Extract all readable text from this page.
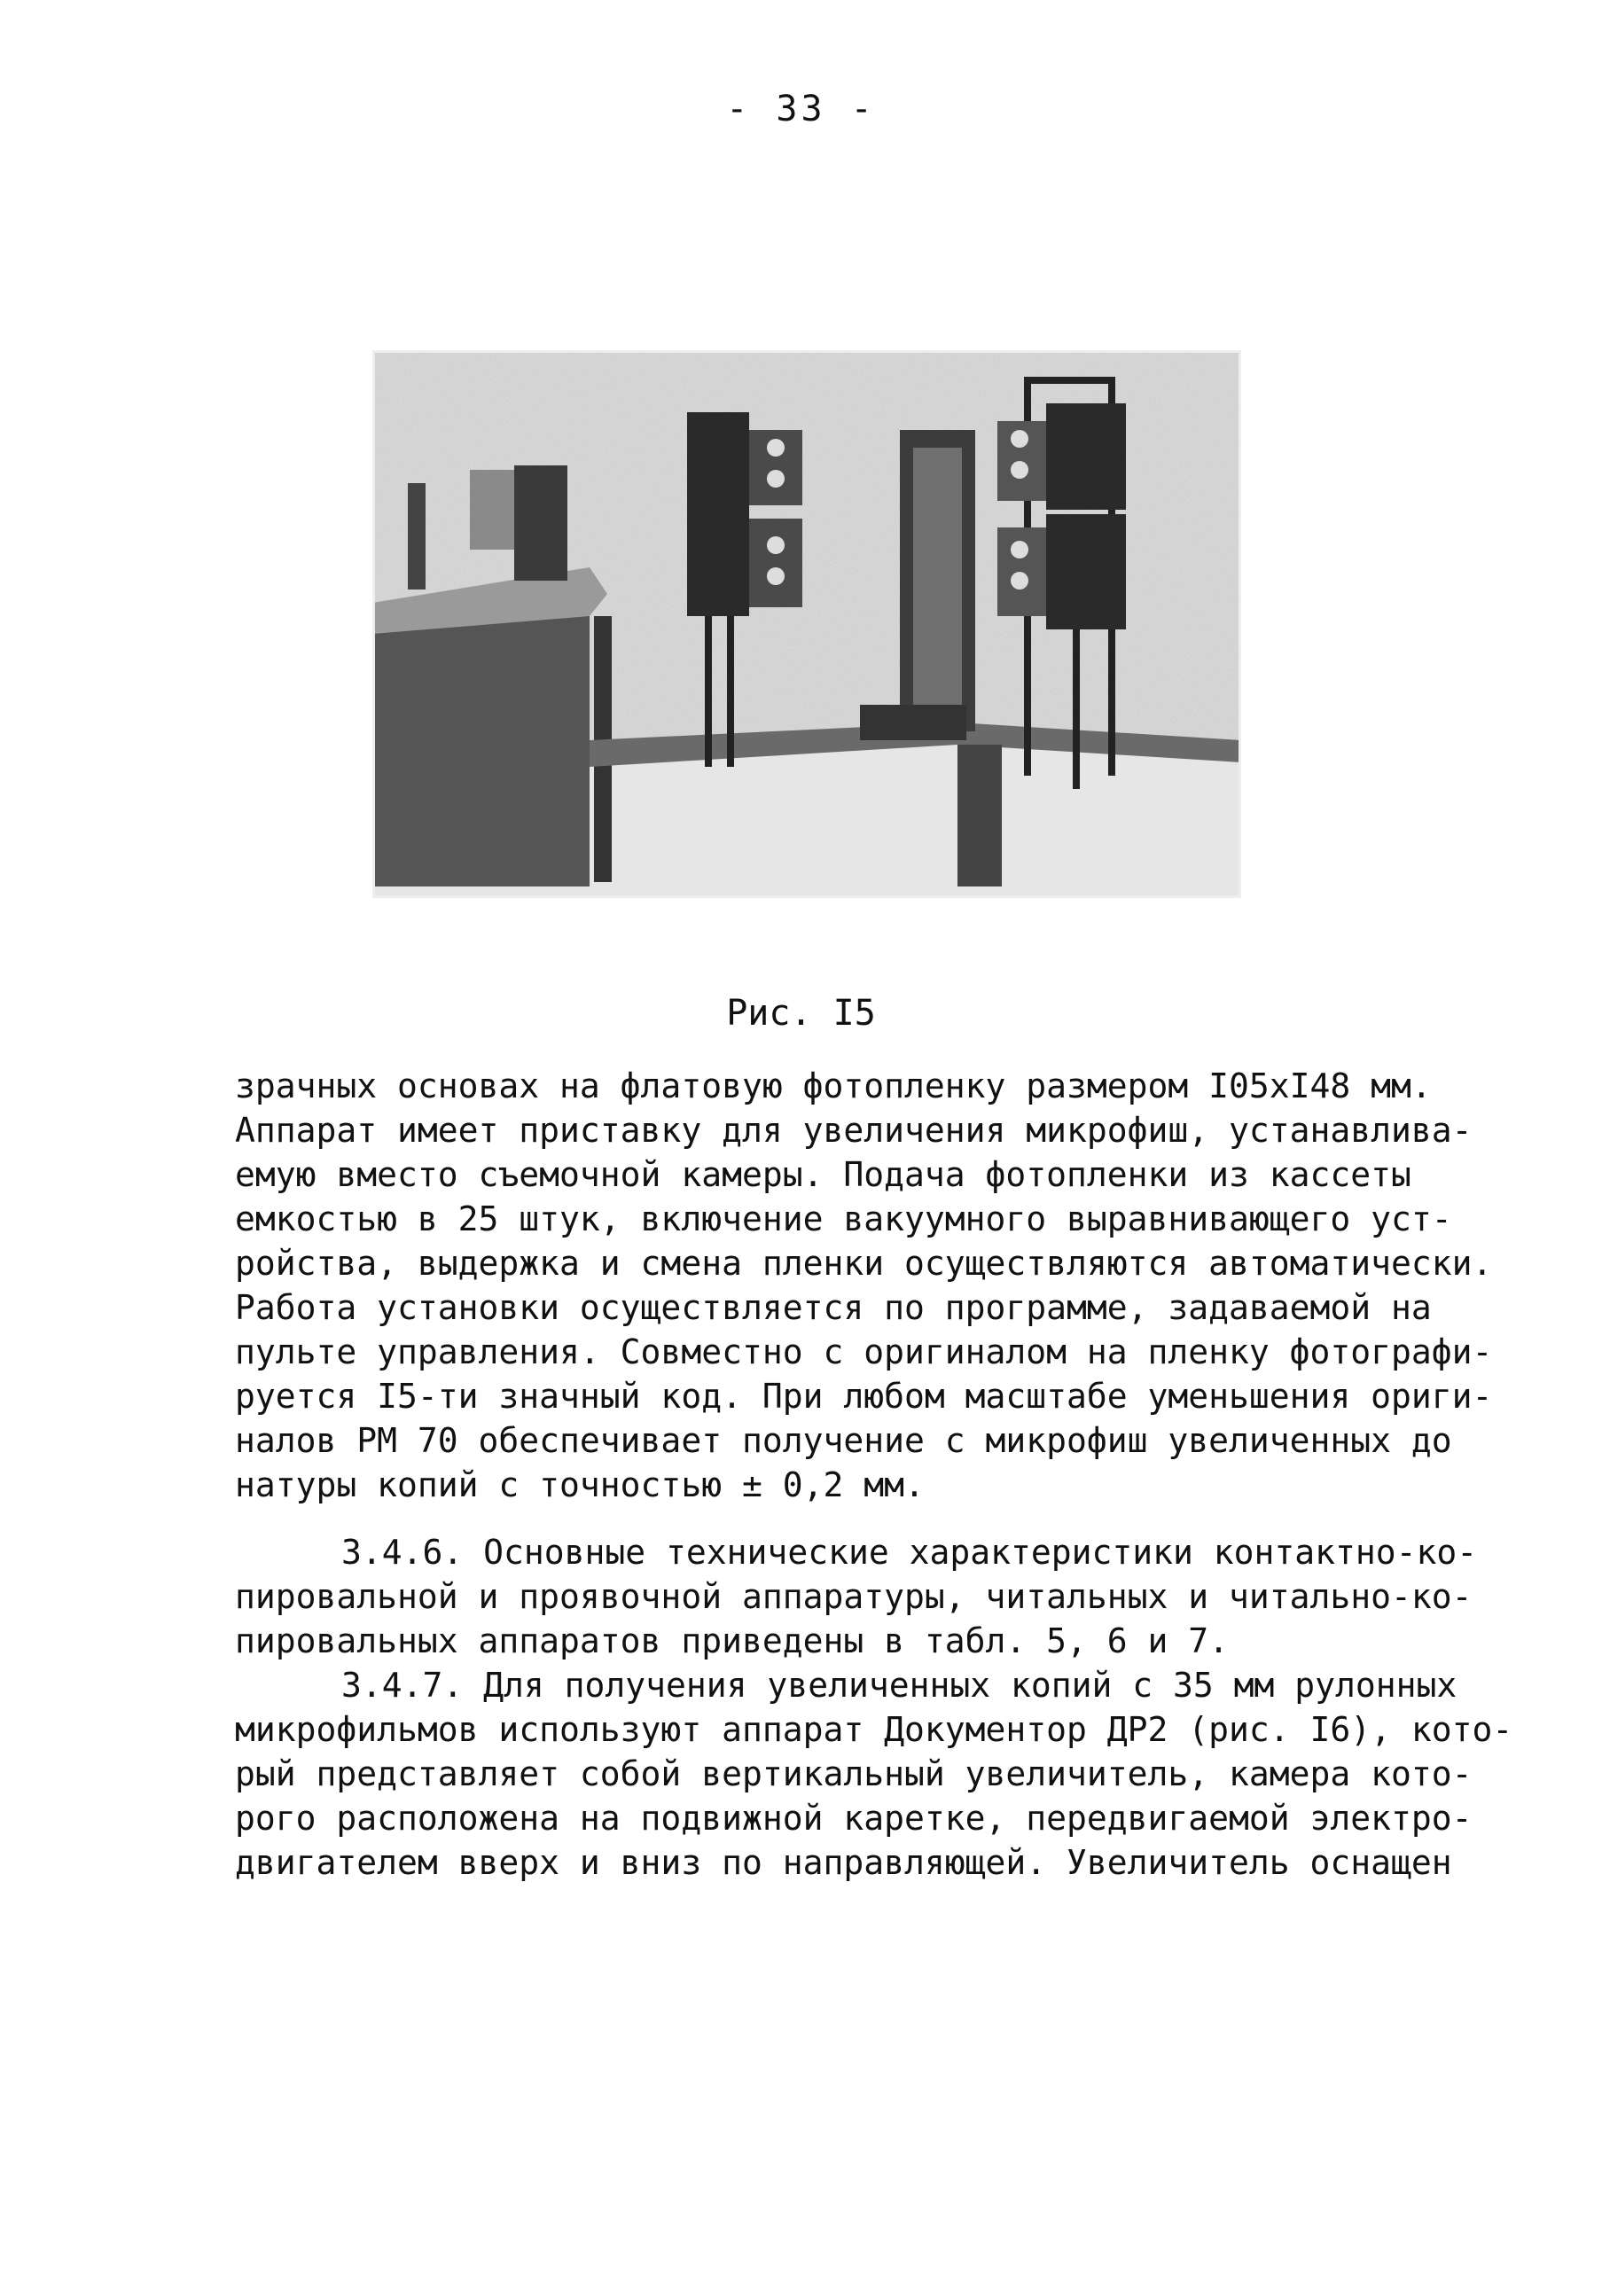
- 33 -
Рис. I5
зрачных основах на флатовую фотопленку размером I05xI48 мм.
Аппарат имеет приставку для увеличения микрофиш, устанавлива-
емую вместо съемочной камеры. Подача фотопленки из кассеты
емкостью в 25 штук, включение вакуумного выравнивающего уст-
ройства, выдержка и смена пленки осуществляются автоматически.
Работа установки осуществляется по программе, задаваемой на
пульте управления. Совместно с оригиналом на пленку фотографи-
руется I5-ти значный код. При любом масштабе уменьшения ориги-
налов РМ 70 обеспечивает получение с микрофиш увеличенных до
натуры копий с точностью ± 0,2 мм.
3.4.6. Основные технические характеристики контактно-ко-
пировальной и проявочной аппаратуры, читальных и читально-ко-
пировальных аппаратов приведены в табл. 5, 6 и 7.
3.4.7. Для получения увеличенных копий с 35 мм рулонных
микрофильмов используют аппарат Документор ДР2 (рис. I6), кото-
рый представляет собой вертикальный увеличитель, камера кото-
рого расположена на подвижной каретке, передвигаемой электро-
двигателем вверх и вниз по направляющей. Увеличитель оснащен
